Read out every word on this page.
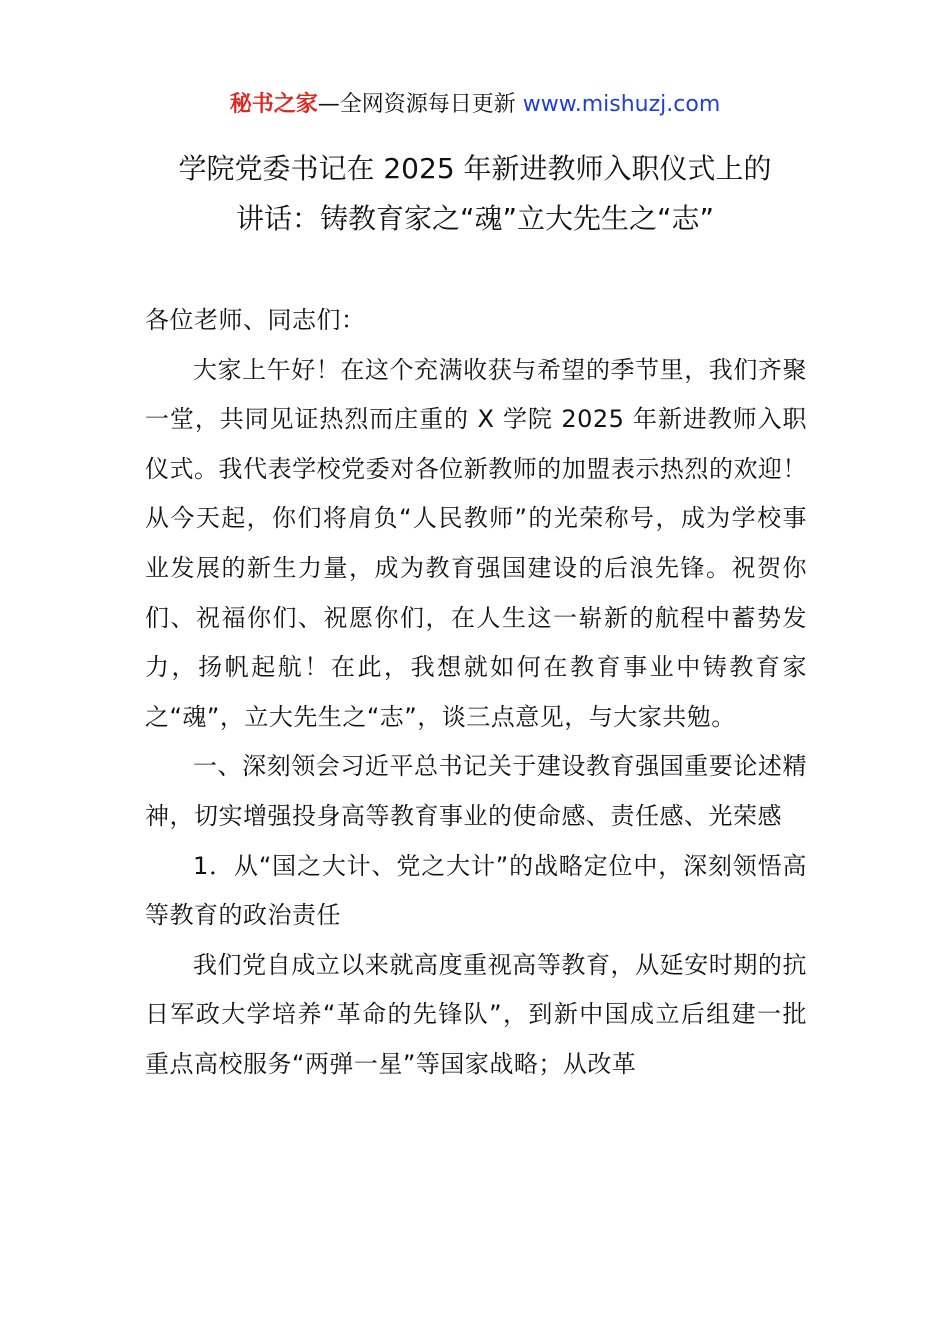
秘书之家—全网资源每日更新 www.mishuzj.com
学院党委书记在 2025 年新进教师入职仪式上的
讲话：铸教育家之“魂”立大先生之“志”

各位老师、同志们：

大家上午好！在这个充满收获与希望的季节里，我们齐聚一堂，共同见证热烈而庄重的 X 学院 2025 年新进教师入职仪式。我代表学校党委对各位新教师的加盟表示热烈的欢迎！从今天起，你们将肩负“人民教师”的光荣称号，成为学校事业发展的新生力量，成为教育强国建设的后浪先锋。祝贺你们、祝福你们、祝愿你们，在人生这一崭新的航程中蓄势发力，扬帆起航！在此，我想就如何在教育事业中铸教育家之“魂”，立大先生之“志”，谈三点意见，与大家共勉。

一、深刻领会习近平总书记关于建设教育强国重要论述精神，切实增强投身高等教育事业的使命感、责任感、光荣感

1．从“国之大计、党之大计”的战略定位中，深刻领悟高等教育的政治责任

我们党自成立以来就高度重视高等教育，从延安时期的抗日军政大学培养“革命的先锋队”，到新中国成立后组建一批重点高校服务“两弹一星”等国家战略；从改革
